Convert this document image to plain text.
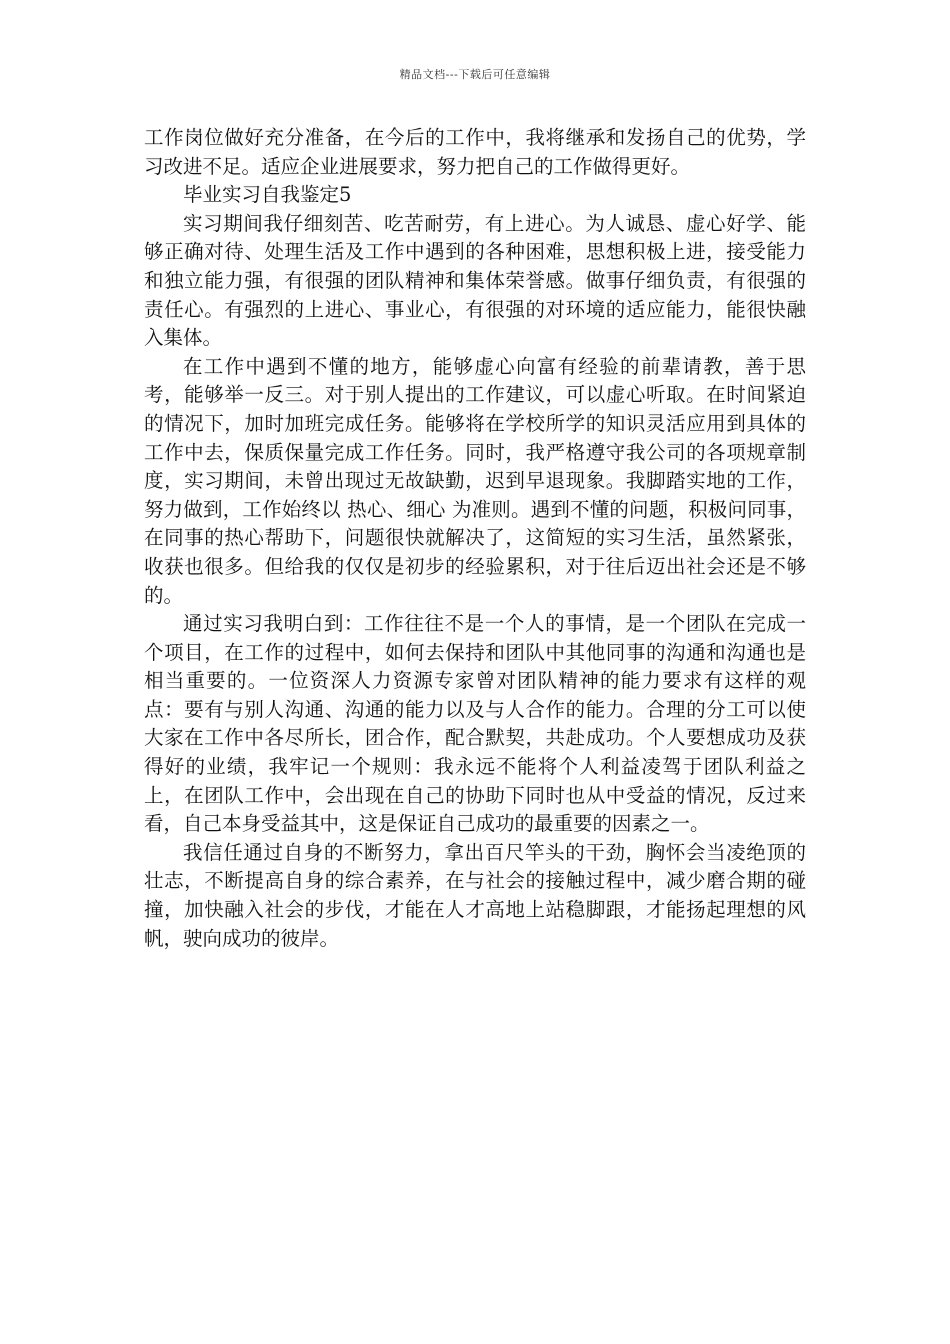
精品文档---下载后可任意编辑

工作岗位做好充分准备，在今后的工作中，我将继承和发扬自己的优势，学习改进不足。适应企业进展要求，努力把自己的工作做得更好。

毕业实习自我鉴定5

实习期间我仔细刻苦、吃苦耐劳，有上进心。为人诚恳、虚心好学、能够正确对待、处理生活及工作中遇到的各种困难，思想积极上进，接受能力和独立能力强，有很强的团队精神和集体荣誉感。做事仔细负责，有很强的责任心。有强烈的上进心、事业心，有很强的对环境的适应能力，能很快融入集体。

在工作中遇到不懂的地方，能够虚心向富有经验的前辈请教，善于思考，能够举一反三。对于别人提出的工作建议，可以虚心听取。在时间紧迫的情况下，加时加班完成任务。能够将在学校所学的知识灵活应用到具体的工作中去，保质保量完成工作任务。同时，我严格遵守我公司的各项规章制度，实习期间，未曾出现过无故缺勤，迟到早退现象。我脚踏实地的工作，努力做到，工作始终以 热心、细心 为准则。遇到不懂的问题，积极问同事，在同事的热心帮助下，问题很快就解决了，这简短的实习生活，虽然紧张，收获也很多。但给我的仅仅是初步的经验累积，对于往后迈出社会还是不够的。

通过实习我明白到：工作往往不是一个人的事情，是一个团队在完成一个项目，在工作的过程中，如何去保持和团队中其他同事的沟通和沟通也是相当重要的。一位资深人力资源专家曾对团队精神的能力要求有这样的观点：要有与别人沟通、沟通的能力以及与人合作的能力。合理的分工可以使大家在工作中各尽所长，团合作，配合默契，共赴成功。个人要想成功及获得好的业绩，我牢记一个规则：我永远不能将个人利益凌驾于团队利益之上，在团队工作中，会出现在自己的协助下同时也从中受益的情况，反过来看，自己本身受益其中，这是保证自己成功的最重要的因素之一。

我信任通过自身的不断努力，拿出百尺竿头的干劲，胸怀会当凌绝顶的壮志，不断提高自身的综合素养，在与社会的接触过程中，减少磨合期的碰撞，加快融入社会的步伐，才能在人才高地上站稳脚跟，才能扬起理想的风帆，驶向成功的彼岸。
